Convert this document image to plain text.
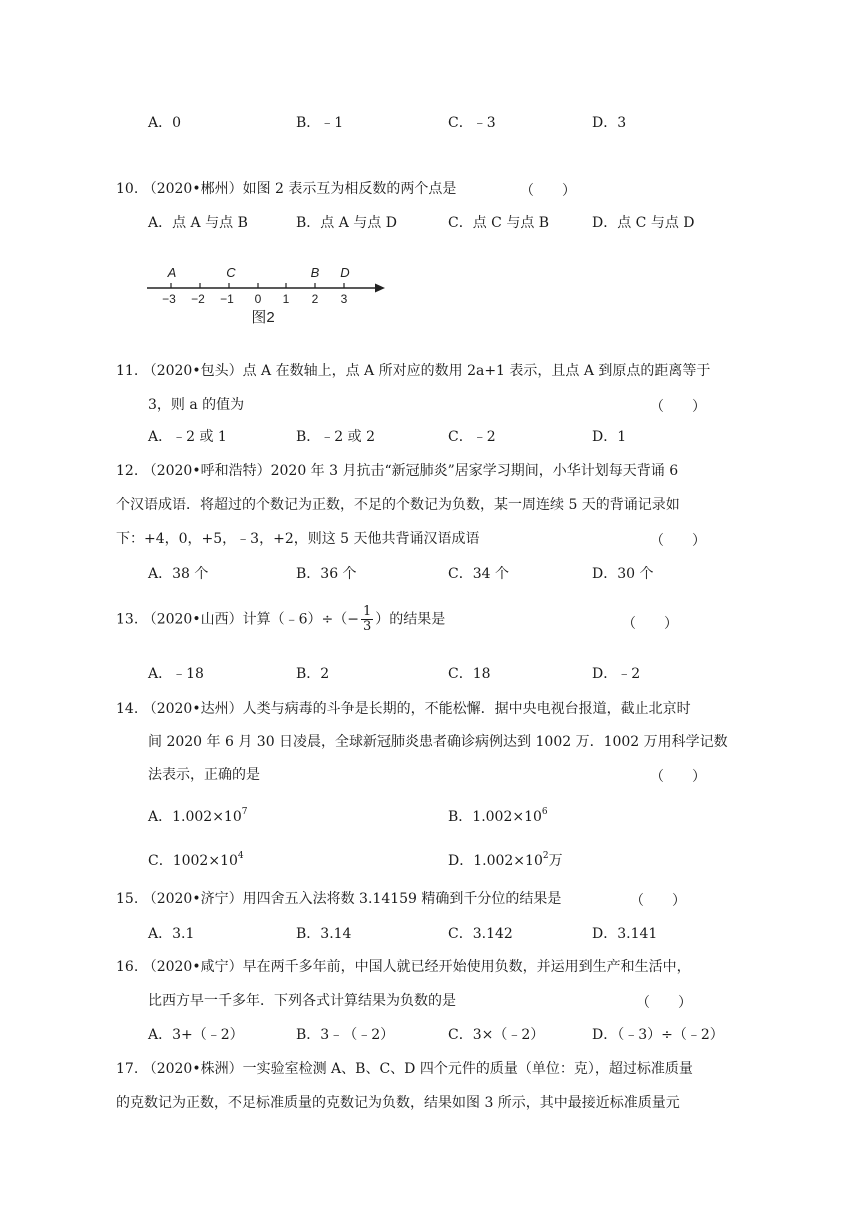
A．0	B．﹣1	C．﹣3	D．3
10. （2020•郴州）如图 2 表示互为相反数的两个点是	（　　）
A．点 A 与点 B	B．点 A 与点 D	C．点 C 与点 B	D．点 C 与点 D
A	C	B D
−3 −2 −1 0 1 2 3
图2
11. （2020•包头）点 A 在数轴上，点 A 所对应的数用 2a+1 表示，且点 A 到原点的距离等于
3，则 a 的值为	（　　）
A．﹣2 或 1	B．﹣2 或 2	C．﹣2	D．1
12. （2020•呼和浩特）2020 年 3 月抗击“新冠肺炎”居家学习期间，小华计划每天背诵 6
个汉语成语．将超过的个数记为正数，不足的个数记为负数，某一周连续 5 天的背诵记录如
下：+4，0，+5，﹣3，+2，则这 5 天他共背诵汉语成语	（　　）
A．38 个	B．36 个	C．34 个	D．30 个
13. （2020•山西）计算（﹣6）÷（− $\frac{1}{3}$ ）的结果是	（　　）
A．﹣18	B．2	C．18	D．﹣2
14. （2020•达州）人类与病毒的斗争是长期的，不能松懈．据中央电视台报道，截止北京时
间 2020 年 6 月 30 日凌晨，全球新冠肺炎患者确诊病例达到 1002 万．1002 万用科学记数
法表示，正确的是	（　　）
A．$1.002\times 10^7$	B．$1.002\times 10^6$
C．$1002\times 10^4$	D．$1.002\times 10^2$万
15. （2020•济宁）用四舍五入法将数 3.14159 精确到千分位的结果是	（　　）
A．3.1	B．3.14	C．3.142	D．3.141
16. （2020•咸宁）早在两千多年前，中国人就已经开始使用负数，并运用到生产和生活中，
比西方早一千多年．下列各式计算结果为负数的是	（　　）
A．3+（﹣2）	B．3﹣（﹣2）	C．3×（﹣2）	D．（﹣3）÷（﹣2）
17. （2020•株洲）一实验室检测 A、B、C、D 四个元件的质量（单位：克），超过标准质量
的克数记为正数，不足标准质量的克数记为负数，结果如图 3 所示，其中最接近标准质量元
